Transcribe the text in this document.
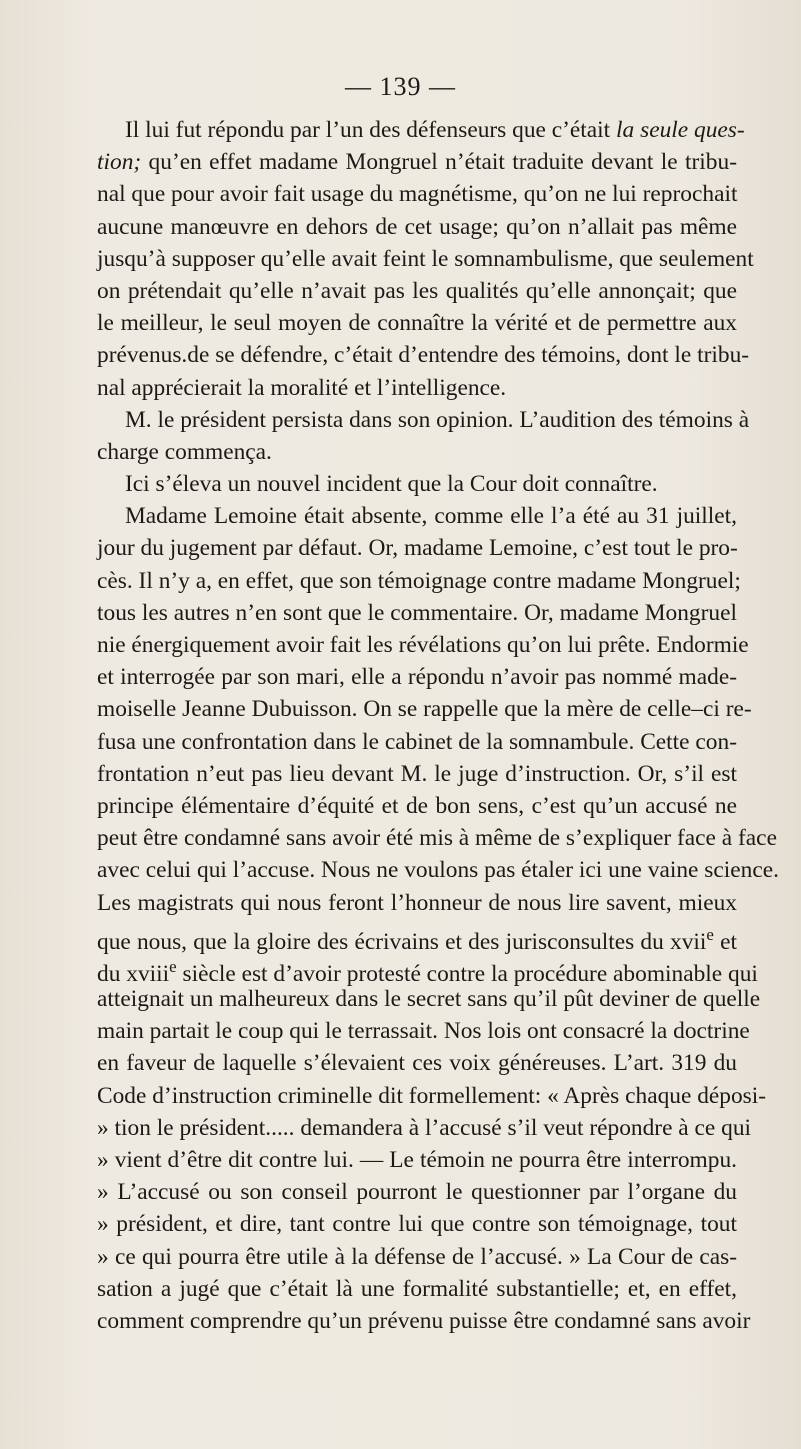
— 139 —
Il lui fut répondu par l’un des défenseurs que c’était la seule ques-
tion; qu’en effet madame Mongruel n’était traduite devant le tribu-
nal que pour avoir fait usage du magnétisme, qu’on ne lui reprochait
aucune manœuvre en dehors de cet usage; qu’on n’allait pas même
jusqu’à supposer qu’elle avait feint le somnambulisme, que seulement
on prétendait qu’elle n’avait pas les qualités qu’elle annonçait; que
le meilleur, le seul moyen de connaître la vérité et de permettre aux
prévenus.de se défendre, c’était d’entendre des témoins, dont le tribu-
nal apprécierait la moralité et l’intelligence.
M. le président persista dans son opinion. L’audition des témoins à
charge commença.
Ici s’éleva un nouvel incident que la Cour doit connaître.
Madame Lemoine était absente, comme elle l’a été au 31 juillet,
jour du jugement par défaut. Or, madame Lemoine, c’est tout le pro-
cès. Il n’y a, en effet, que son témoignage contre madame Mongruel;
tous les autres n’en sont que le commentaire. Or, madame Mongruel
nie énergiquement avoir fait les révélations qu’on lui prête. Endormie
et interrogée par son mari, elle a répondu n’avoir pas nommé made-
moiselle Jeanne Dubuisson. On se rappelle que la mère de celle–ci re-
fusa une confrontation dans le cabinet de la somnambule. Cette con-
frontation n’eut pas lieu devant M. le juge d’instruction. Or, s’il est
principe élémentaire d’équité et de bon sens, c’est qu’un accusé ne
peut être condamné sans avoir été mis à même de s’expliquer face à face
avec celui qui l’accuse. Nous ne voulons pas étaler ici une vaine science.
Les magistrats qui nous feront l’honneur de nous lire savent, mieux
que nous, que la gloire des écrivains et des jurisconsultes du xvii$^e$ et
du xviii$^e$ siècle est d’avoir protesté contre la procédure abominable qui
atteignait un malheureux dans le secret sans qu’il pût deviner de quelle
main partait le coup qui le terrassait. Nos lois ont consacré la doctrine
en faveur de laquelle s’élevaient ces voix généreuses. L’art. 319 du
Code d’instruction criminelle dit formellement: « Après chaque déposi-
» tion le président..... demandera à l’accusé s’il veut répondre à ce qui
» vient d’être dit contre lui. — Le témoin ne pourra être interrompu.
» L’accusé ou son conseil pourront le questionner par l’organe du
» président, et dire, tant contre lui que contre son témoignage, tout
» ce qui pourra être utile à la défense de l’accusé. » La Cour de cas-
sation a jugé que c’était là une formalité substantielle; et, en effet,
comment comprendre qu’un prévenu puisse être condamné sans avoir
